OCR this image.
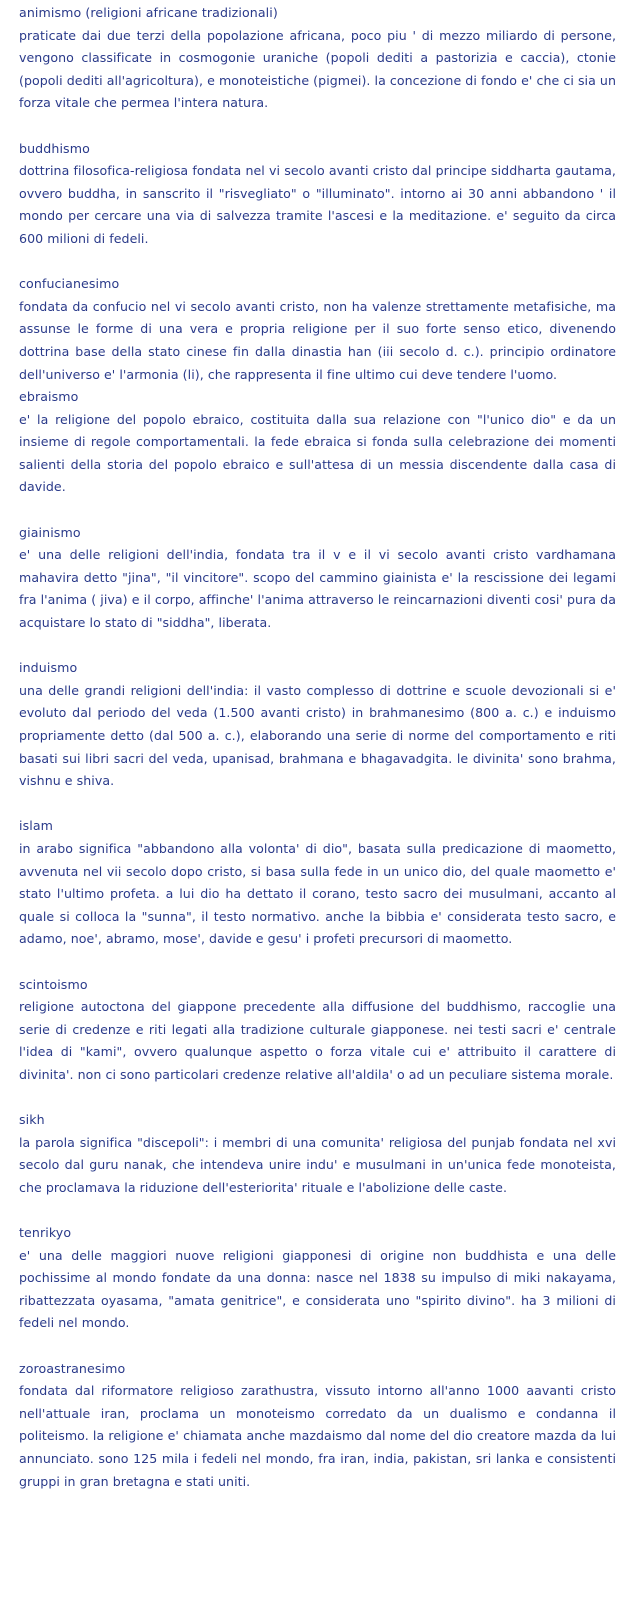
animismo (religioni africane tradizionali)
praticate dai due terzi della popolazione africana, poco piu ' di mezzo miliardo di persone, vengono classificate in cosmogonie uraniche (popoli dediti a pastorizia e caccia), ctonie (popoli dediti all'agricoltura), e monoteistiche (pigmei). la concezione di fondo e' che ci sia un forza vitale che permea l'intera natura.
buddhismo
dottrina filosofica-religiosa fondata nel vi secolo avanti cristo dal principe siddharta gautama, ovvero buddha, in sanscrito il "risvegliato" o "illuminato". intorno ai 30 anni abbandono ' il mondo per cercare una via di salvezza tramite l'ascesi e la meditazione. e' seguito da circa 600 milioni di fedeli.
confucianesimo
fondata da confucio nel vi secolo avanti cristo, non ha valenze strettamente metafisiche, ma assunse le forme di una vera e propria religione per il suo forte senso etico, divenendo dottrina base della stato cinese fin dalla dinastia han (iii secolo d. c.). principio ordinatore dell'universo e' l'armonia (li), che rappresenta il fine ultimo cui deve tendere l'uomo.
ebraismo
e' la religione del popolo ebraico, costituita dalla sua relazione con "l'unico dio" e da un insieme di regole comportamentali. la fede ebraica si fonda sulla celebrazione dei momenti salienti della storia del popolo ebraico e sull'attesa di un messia discendente dalla casa di davide.
giainismo
e' una delle religioni dell'india, fondata tra il v e il vi secolo avanti cristo vardhamana mahavira detto "jina", "il vincitore". scopo del cammino giainista e' la rescissione dei legami fra l'anima ( jiva) e il corpo, affinche' l'anima attraverso le reincarnazioni diventi cosi' pura da acquistare lo stato di "siddha", liberata.
induismo
una delle grandi religioni dell'india: il vasto complesso di dottrine e scuole devozionali si e' evoluto dal periodo del veda (1.500 avanti cristo) in brahmanesimo (800 a. c.) e induismo propriamente detto (dal 500 a. c.), elaborando una serie di norme del comportamento e riti basati sui libri sacri del veda, upanisad, brahmana e bhagavadgita. le divinita' sono brahma, vishnu e shiva.
islam
in arabo significa "abbandono alla volonta' di dio", basata sulla predicazione di maometto, avvenuta nel vii secolo dopo cristo, si basa sulla fede in un unico dio, del quale maometto e' stato l'ultimo profeta. a lui dio ha dettato il corano, testo sacro dei musulmani, accanto al quale si colloca la "sunna", il testo normativo. anche la bibbia e' considerata testo sacro, e adamo, noe', abramo, mose', davide e gesu' i profeti precursori di maometto.
scintoismo
religione autoctona del giappone precedente alla diffusione del buddhismo, raccoglie una serie di credenze e riti legati alla tradizione culturale giapponese. nei testi sacri e' centrale l'idea di "kami", ovvero qualunque aspetto o forza vitale cui e' attribuito il carattere di divinita'. non ci sono particolari credenze relative all'aldila' o ad un peculiare sistema morale.
sikh
la parola significa "discepoli": i membri di una comunita' religiosa del punjab fondata nel xvi secolo dal guru nanak, che intendeva unire indu' e musulmani in un'unica fede monoteista, che proclamava la riduzione dell'esteriorita' rituale e l'abolizione delle caste.
tenrikyo
e' una delle maggiori nuove religioni giapponesi di origine non buddhista e una delle pochissime al mondo fondate da una donna: nasce nel 1838 su impulso di miki nakayama, ribattezzata oyasama, "amata genitrice", e considerata uno "spirito divino". ha 3 milioni di fedeli nel mondo.
zoroastranesimo
fondata dal riformatore religioso zarathustra, vissuto intorno all'anno 1000 aavanti cristo nell'attuale iran, proclama un monoteismo corredato da un dualismo e condanna il politeismo. la religione e' chiamata anche mazdaismo dal nome del dio creatore mazda da lui annunciato. sono 125 mila i fedeli nel mondo, fra iran, india, pakistan, sri lanka e consistenti gruppi in gran bretagna e stati uniti.
